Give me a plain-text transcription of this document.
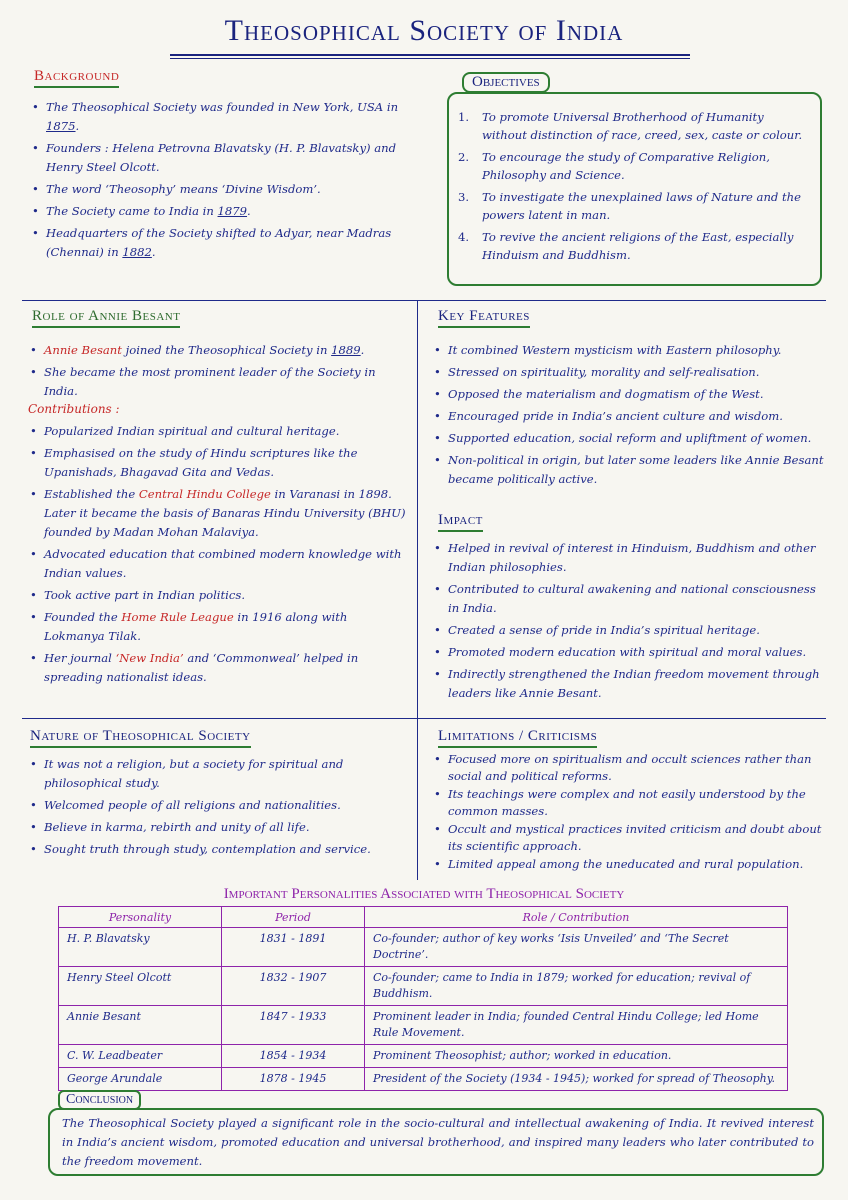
Theosophical Society of India
Background
• The Theosophical Society was founded in New York, USA in 1875.
• Founders : Helena Petrovna Blavatsky (H. P. Blavatsky) and Henry Steel Olcott.
• The word ‘Theosophy’ means ‘Divine Wisdom’.
• The Society came to India in 1879.
• Headquarters of the Society shifted to Adyar, near Madras (Chennai) in 1882.
Objectives
1. To promote Universal Brotherhood of Humanity without distinction of race, creed, sex, caste or colour.
2. To encourage the study of Comparative Religion, Philosophy and Science.
3. To investigate the unexplained laws of Nature and the powers latent in man.
4. To revive the ancient religions of the East, especially Hinduism and Buddhism.
Role of Annie Besant
• Annie Besant joined the Theosophical Society in 1889.
• She became the most prominent leader of the Society in India.
Contributions :
• Popularized Indian spiritual and cultural heritage.
• Emphasised on the study of Hindu scriptures like the Upanishads, Bhagavad Gita and Vedas.
• Established the Central Hindu College in Varanasi in 1898. Later it became the basis of Banaras Hindu University (BHU) founded by Madan Mohan Malaviya.
• Advocated education that combined modern knowledge with Indian values.
• Took active part in Indian politics.
• Founded the Home Rule League in 1916 along with Lokmanya Tilak.
• Her journal ‘New India’ and ‘Commonweal’ helped in spreading nationalist ideas.
Key Features
• It combined Western mysticism with Eastern philosophy.
• Stressed on spirituality, morality and self-realisation.
• Opposed the materialism and dogmatism of the West.
• Encouraged pride in India’s ancient culture and wisdom.
• Supported education, social reform and upliftment of women.
• Non-political in origin, but later some leaders like Annie Besant became politically active.
Impact
• Helped in revival of interest in Hinduism, Buddhism and other Indian philosophies.
• Contributed to cultural awakening and national consciousness in India.
• Created a sense of pride in India’s spiritual heritage.
• Promoted modern education with spiritual and moral values.
• Indirectly strengthened the Indian freedom movement through leaders like Annie Besant.
Nature of Theosophical Society
• It was not a religion, but a society for spiritual and philosophical study.
• Welcomed people of all religions and nationalities.
• Believe in karma, rebirth and unity of all life.
• Sought truth through study, contemplation and service.
Limitations / Criticisms
• Focused more on spiritualism and occult sciences rather than social and political reforms.
• Its teachings were complex and not easily understood by the common masses.
• Occult and mystical practices invited criticism and doubt about its scientific approach.
• Limited appeal among the uneducated and rural population.
Important Personalities Associated with Theosophical Society
Personality	Period	Role / Contribution
H. P. Blavatsky	1831 - 1891	Co-founder; author of key works ‘Isis Unveiled’ and ‘The Secret Doctrine’.
Henry Steel Olcott	1832 - 1907	Co-founder; came to India in 1879; worked for education; revival of Buddhism.
Annie Besant	1847 - 1933	Prominent leader in India; founded Central Hindu College; led Home Rule Movement.
C. W. Leadbeater	1854 - 1934	Prominent Theosophist; author; worked in education.
George Arundale	1878 - 1945	President of the Society (1934 - 1945); worked for spread of Theosophy.
Conclusion
The Theosophical Society played a significant role in the socio-cultural and intellectual awakening of India. It revived interest in India’s ancient wisdom, promoted education and universal brotherhood, and inspired many leaders who later contributed to the freedom movement.
